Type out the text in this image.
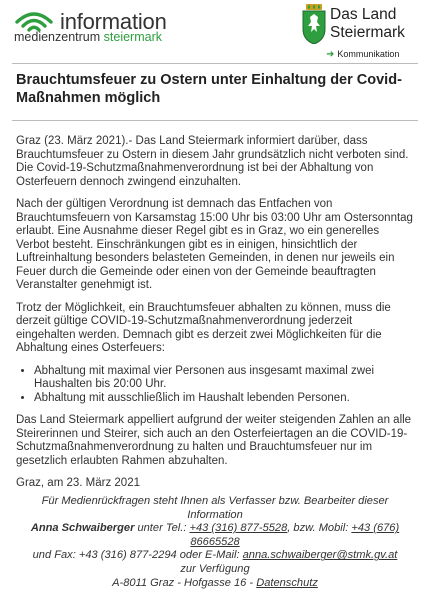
information
medienzentrum steiermark
Das Land
Steiermark
➜ Kommunikation
Brauchtumsfeuer zu Ostern unter Einhaltung der Covid-Maßnahmen möglich

Graz (23. März 2021).- Das Land Steiermark informiert darüber, dass Brauchtumsfeuer zu Ostern in diesem Jahr grundsätzlich nicht verboten sind. Die Covid-19-Schutzmaßnahmenverordnung ist bei der Abhaltung von Osterfeuern dennoch zwingend einzuhalten.

Nach der gültigen Verordnung ist demnach das Entfachen von Brauchtumsfeuern von Karsamstag 15:00 Uhr bis 03:00 Uhr am Ostersonntag erlaubt. Eine Ausnahme dieser Regel gibt es in Graz, wo ein generelles Verbot besteht. Einschränkungen gibt es in einigen, hinsichtlich der Luftreinhaltung besonders belasteten Gemeinden, in denen nur jeweils ein Feuer durch die Gemeinde oder einen von der Gemeinde beauftragten Veranstalter genehmigt ist.

Trotz der Möglichkeit, ein Brauchtumsfeuer abhalten zu können, muss die derzeit gültige COVID-19-Schutzmaßnahmenverordnung jederzeit eingehalten werden. Demnach gibt es derzeit zwei Möglichkeiten für die Abhaltung eines Osterfeuers:

• Abhaltung mit maximal vier Personen aus insgesamt maximal zwei Haushalten bis 20:00 Uhr.
• Abhaltung mit ausschließlich im Haushalt lebenden Personen.

Das Land Steiermark appelliert aufgrund der weiter steigenden Zahlen an alle Steirerinnen und Steirer, sich auch an den Osterfeiertagen an die COVID-19-Schutzmaßnahmenverordnung zu halten und Brauchtumsfeuer nur im gesetzlich erlaubten Rahmen abzuhalten.

Graz, am 23. März 2021

Für Medienrückfragen steht Ihnen als Verfasser bzw. Bearbeiter dieser Information
Anna Schwaiberger unter Tel.: +43 (316) 877-5528, bzw. Mobil: +43 (676) 86665528
und Fax: +43 (316) 877-2294 oder E-Mail: anna.schwaiberger@stmk.gv.at
zur Verfügung
A-8011 Graz - Hofgasse 16 - Datenschutz
